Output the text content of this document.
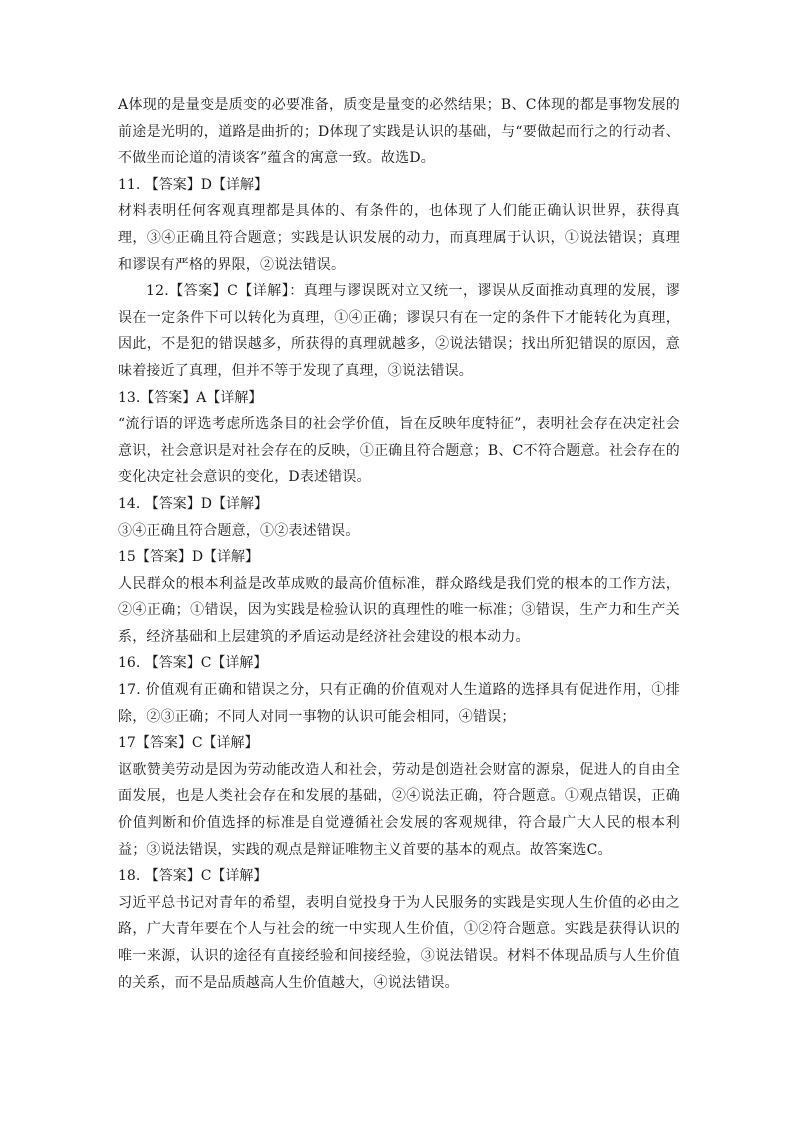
A体现的是量变是质变的必要准备，质变是量变的必然结果；B、C体现的都是事物发展的前途是光明的，道路是曲折的；D体现了实践是认识的基础，与“要做起而行之的行动者、不做坐而论道的清谈客”蕴含的寓意一致。故选D。

11. 【答案】D【详解】

材料表明任何客观真理都是具体的、有条件的，也体现了人们能正确认识世界，获得真理，③④正确且符合题意；实践是认识发展的动力，而真理属于认识，①说法错误；真理和谬误有严格的界限，②说法错误。

12.【答案】C【详解】：真理与谬误既对立又统一，谬误从反面推动真理的发展，谬误在一定条件下可以转化为真理，①④正确；谬误只有在一定的条件下才能转化为真理，因此，不是犯的错误越多，所获得的真理就越多，②说法错误；找出所犯错误的原因，意味着接近了真理，但并不等于发现了真理，③说法错误。

13.【答案】A【详解】

“流行语的评选考虑所选条目的社会学价值，旨在反映年度特征”，表明社会存在决定社会意识，社会意识是对社会存在的反映，①正确且符合题意；B、C不符合题意。社会存在的变化决定社会意识的变化，D表述错误。

14. 【答案】D【详解】

③④正确且符合题意，①②表述错误。

15【答案】D【详解】

人民群众的根本利益是改革成败的最高价值标准，群众路线是我们党的根本的工作方法，②④正确；①错误，因为实践是检验认识的真理性的唯一标准；③错误，生产力和生产关系，经济基础和上层建筑的矛盾运动是经济社会建设的根本动力。

16. 【答案】C【详解】

17. 价值观有正确和错误之分，只有正确的价值观对人生道路的选择具有促进作用，①排除，②③正确；不同人对同一事物的认识可能会相同，④错误；

17【答案】C【详解】

讴歌赞美劳动是因为劳动能改造人和社会，劳动是创造社会财富的源泉，促进人的自由全面发展，也是人类社会存在和发展的基础，②④说法正确，符合题意。①观点错误，正确价值判断和价值选择的标准是自觉遵循社会发展的客观规律，符合最广大人民的根本利益；③说法错误，实践的观点是辩证唯物主义首要的基本的观点。故答案选C。

18. 【答案】C【详解】

习近平总书记对青年的希望，表明自觉投身于为人民服务的实践是实现人生价值的必由之路，广大青年要在个人与社会的统一中实现人生价值，①②符合题意。实践是获得认识的唯一来源，认识的途径有直接经验和间接经验，③说法错误。材料不体现品质与人生价值的关系，而不是品质越高人生价值越大，④说法错误。
